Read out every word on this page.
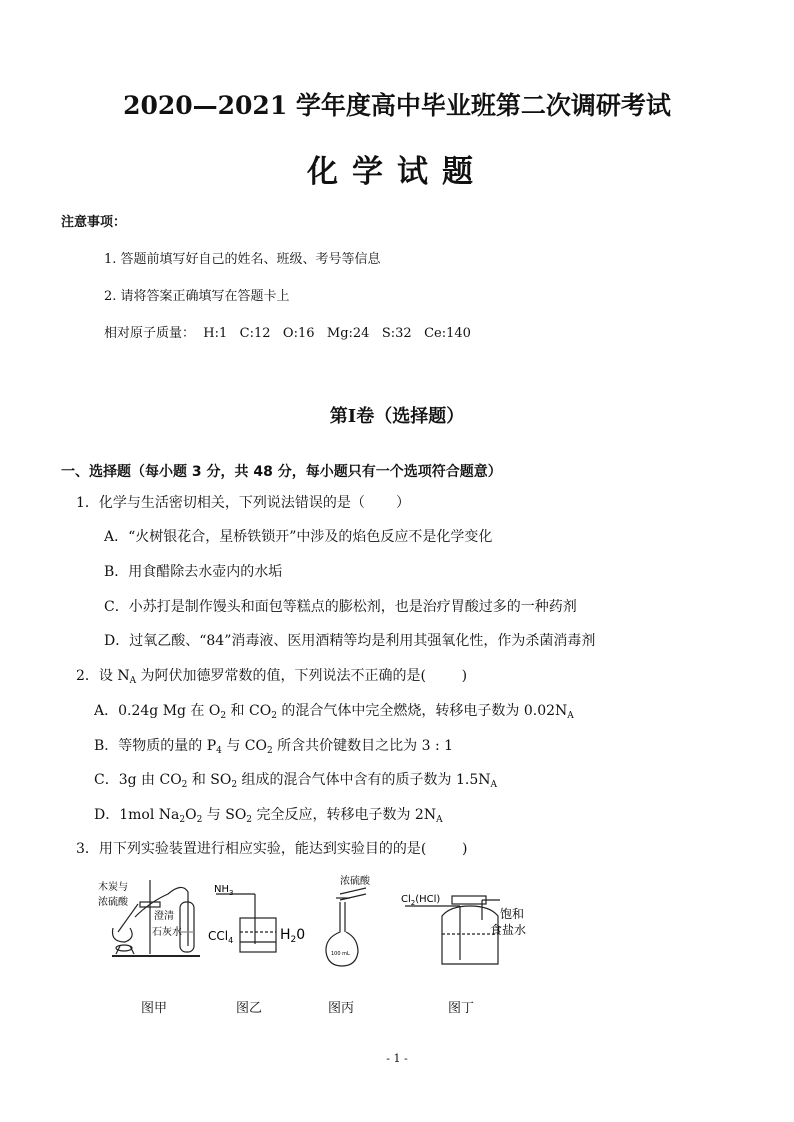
2020—2021 学年度高中毕业班第二次调研考试
化学试题
注意事项：
1. 答题前填写好自己的姓名、班级、考号等信息
2. 请将答案正确填写在答题卡上
相对原子质量：  H:1   C:12   O:16   Mg:24   S:32   Ce:140
第Ⅰ卷（选择题）
一、选择题（每小题 3 分，共 48 分，每小题只有一个选项符合题意）
1．化学与生活密切相关，下列说法错误的是（       ）
A．“火树银花合，星桥铁锁开”中涉及的焰色反应不是化学变化
B．用食醋除去水壶内的水垢
C．小苏打是制作馒头和面包等糕点的膨松剂，也是治疗胃酸过多的一种药剂
D．过氧乙酸、“84”消毒液、医用酒精等均是利用其强氧化性，作为杀菌消毒剂
2．设 $N_A$ 为阿伏加德罗常数的值，下列说法不正确的是(        )
A．0.24g Mg 在 $O_2$ 和 $CO_2$ 的混合气体中完全燃烧，转移电子数为 $0.02N_A$
B．等物质的量的 $P_4$ 与 $CO_2$ 所含共价键数目之比为 3 : 1
C．3g 由 $CO_2$ 和 $SO_2$ 组成的混合气体中含有的质子数为 $1.5N_A$
D．1mol $Na_2O_2$ 与 $SO_2$ 完全反应，转移电子数为 $2N_A$
3．用下列实验装置进行相应实验，能达到实验目的的是(        )
木炭与
浓硫酸
澄清
石灰水
$NH_3$
CCl$_4$	$H_20$
浓硫酸
100 mL
$Cl_2(HCl)$
饱和
食盐水
图甲	图乙	图丙	图丁
- 1 -
